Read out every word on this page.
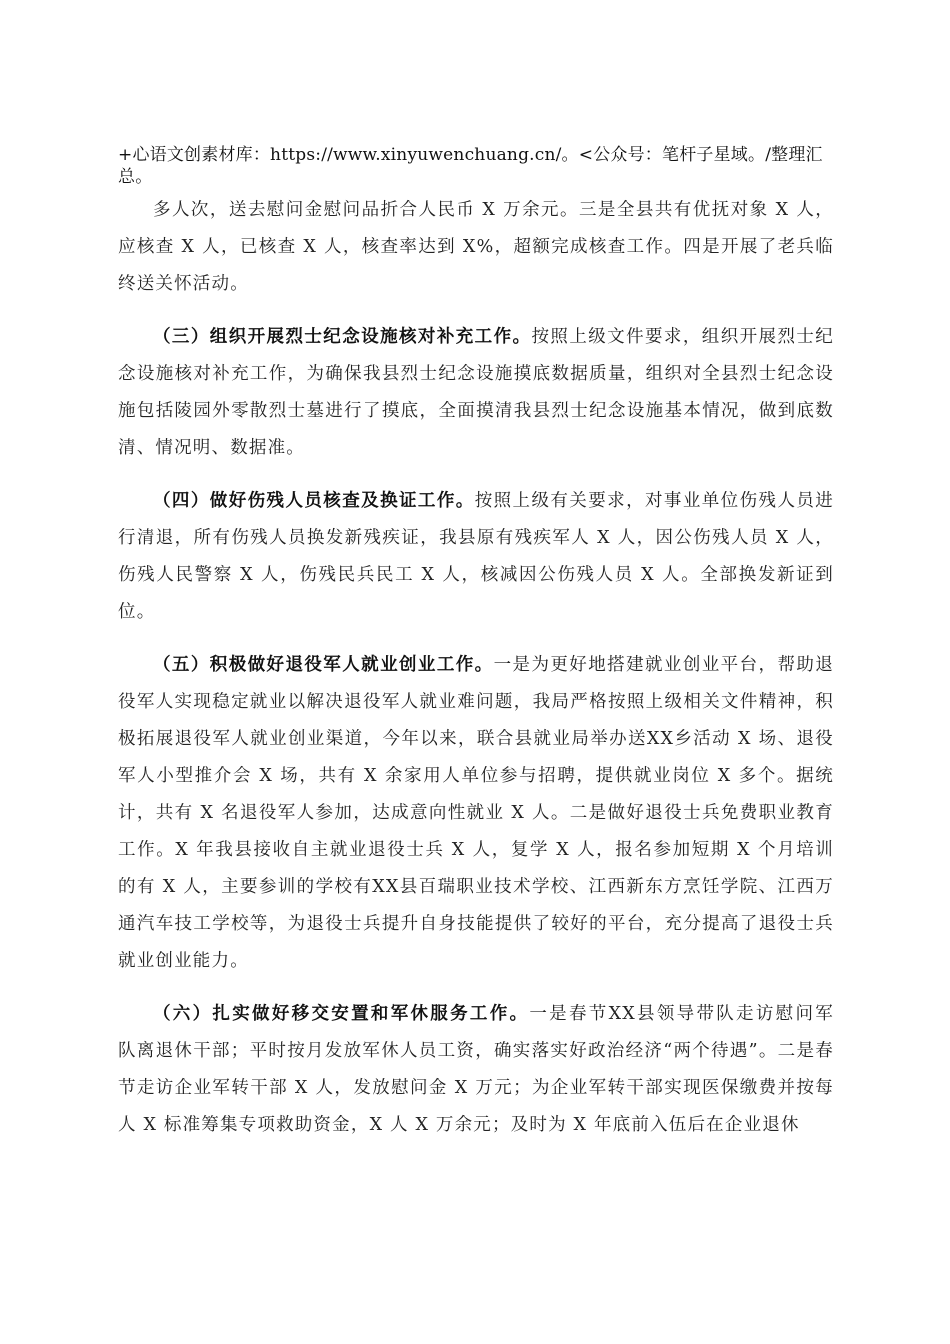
+心语文创素材库：https://www.xinyuwenchuang.cn/。<公众号：笔杆子星域。/整理汇总。

多人次，送去慰问金慰问品折合人民币 X 万余元。三是全县共有优抚对象 X 人，应核查 X 人，已核查 X 人，核查率达到 X%，超额完成核查工作。四是开展了老兵临终送关怀活动。

（三）组织开展烈士纪念设施核对补充工作。按照上级文件要求，组织开展烈士纪念设施核对补充工作，为确保我县烈士纪念设施摸底数据质量，组织对全县烈士纪念设施包括陵园外零散烈士墓进行了摸底，全面摸清我县烈士纪念设施基本情况，做到底数清、情况明、数据准。

（四）做好伤残人员核查及换证工作。按照上级有关要求，对事业单位伤残人员进行清退，所有伤残人员换发新残疾证，我县原有残疾军人 X 人，因公伤残人员 X 人，伤残人民警察 X 人，伤残民兵民工 X 人，核减因公伤残人员 X 人。全部换发新证到位。

（五）积极做好退役军人就业创业工作。一是为更好地搭建就业创业平台，帮助退役军人实现稳定就业以解决退役军人就业难问题，我局严格按照上级相关文件精神，积极拓展退役军人就业创业渠道，今年以来，联合县就业局举办送XX乡活动 X 场、退役军人小型推介会 X 场，共有 X 余家用人单位参与招聘，提供就业岗位 X 多个。据统计，共有 X 名退役军人参加，达成意向性就业 X 人。二是做好退役士兵免费职业教育工作。X 年我县接收自主就业退役士兵 X 人，复学 X 人，报名参加短期 X 个月培训的有 X 人，主要参训的学校有XX县百瑞职业技术学校、江西新东方烹饪学院、江西万通汽车技工学校等，为退役士兵提升自身技能提供了较好的平台，充分提高了退役士兵就业创业能力。

（六）扎实做好移交安置和军休服务工作。一是春节XX县领导带队走访慰问军　队离退休干部；平时按月发放军休人员工资，确实落实好政治经济“两个待遇”。二是春节走访企业军转干部 X 人，发放慰问金 X 万元；为企业军转干部实现医保缴费并按每人 X 标准筹集专项救助资金，X 人 X 万余元；及时为 X 年底前入伍后在企业退休
